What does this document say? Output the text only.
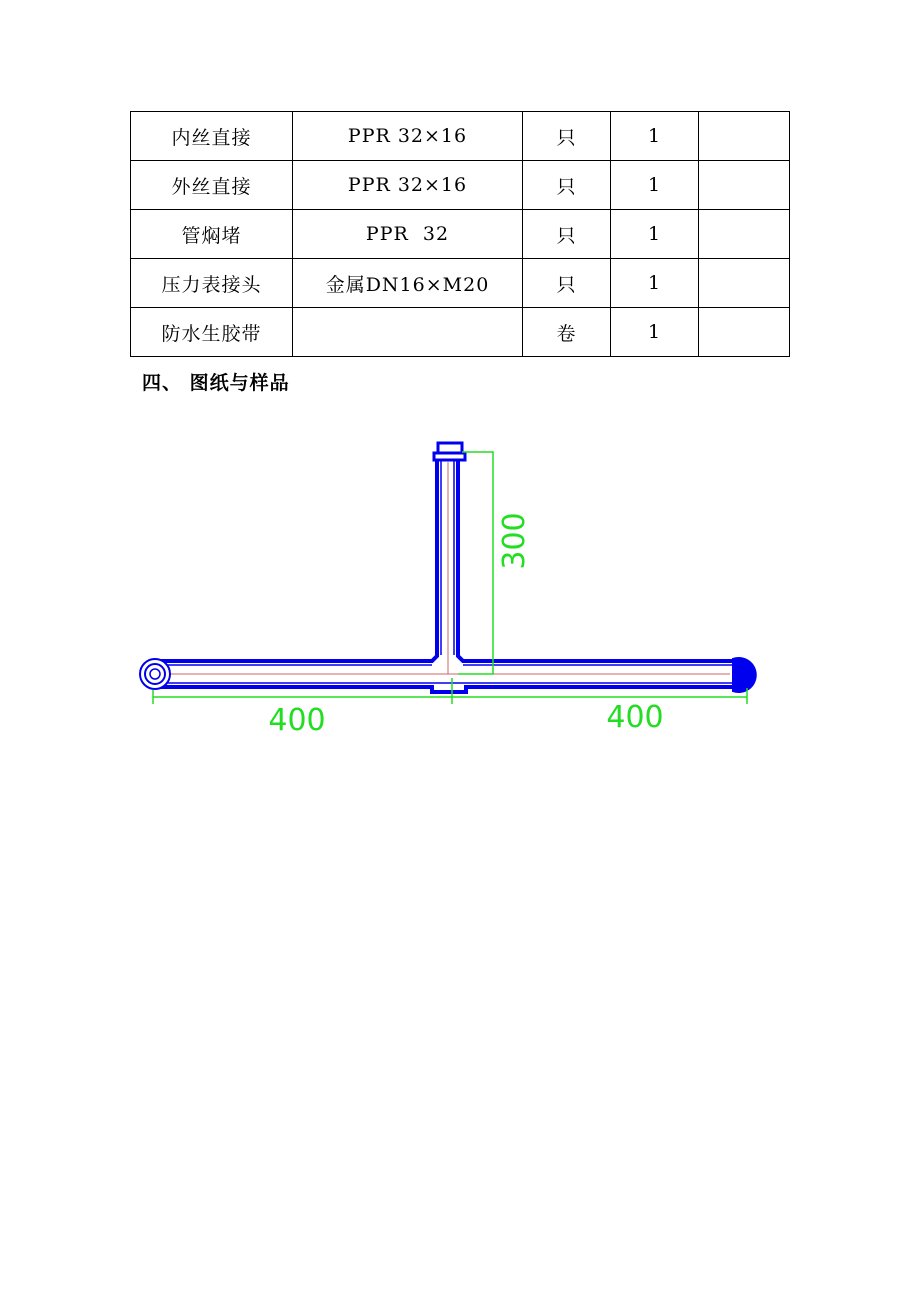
内丝直接	PPR 32×16	只	1	
外丝直接	PPR 32×16	只	1	
管焖堵	PPR  32	只	1	
压力表接头	金属DN16×M20	只	1	
防水生胶带		卷	1	
四、 图纸与样品
300
400	400
